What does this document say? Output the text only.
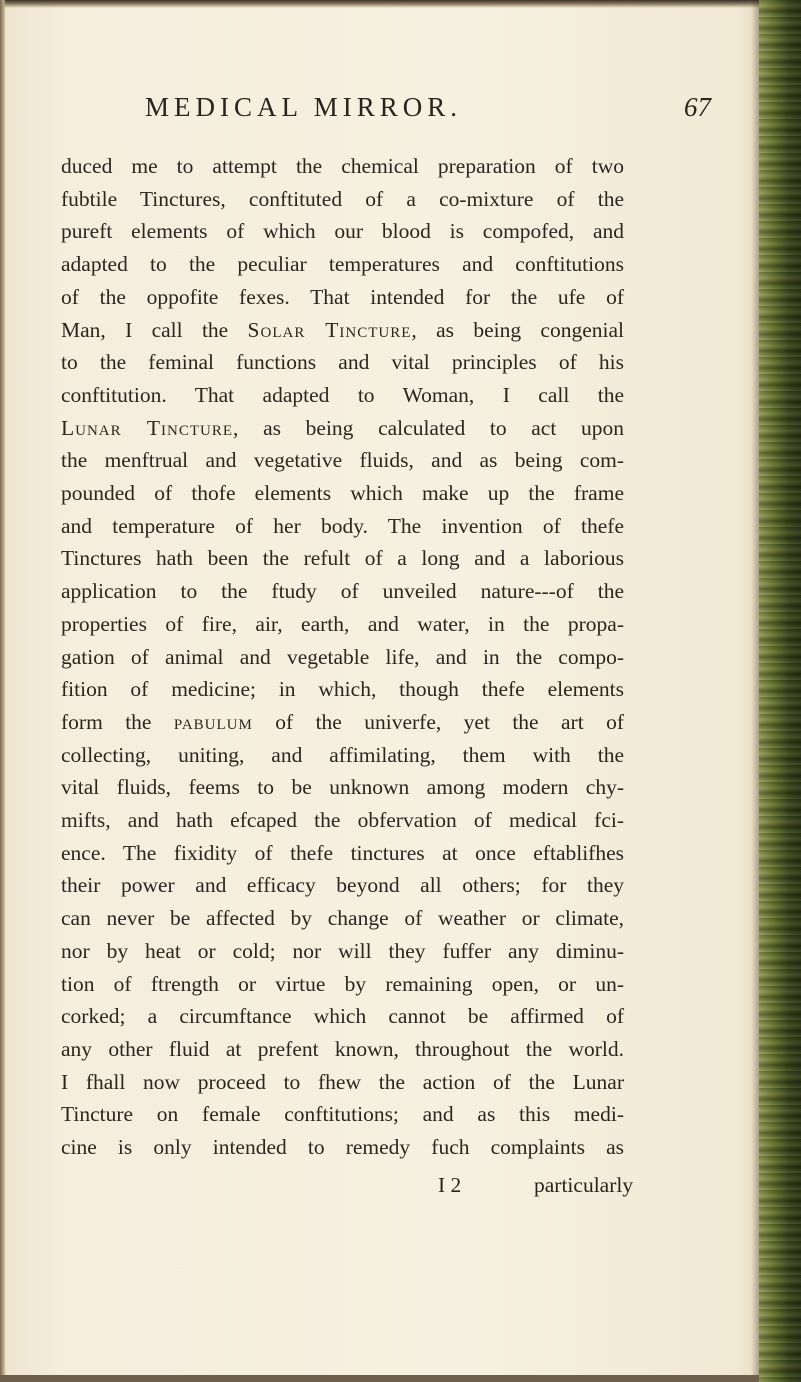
MEDICAL MIRROR.	67
duced me to attempt the chemical preparation of two
fubtile Tinctures, conftituted of a co-mixture of the
pureft elements of which our blood is compofed, and
adapted to the peculiar temperatures and conftitutions
of the oppofite fexes. That intended for the ufe of
Man, I call the Solar Tincture, as being congenial
to the feminal functions and vital principles of his
conftitution. That adapted to Woman, I call the
Lunar Tincture, as being calculated to act upon
the menftrual and vegetative fluids, and as being com-
pounded of thofe elements which make up the frame
and temperature of her body. The invention of thefe
Tinctures hath been the refult of a long and a laborious
application to the ftudy of unveiled nature---of the
properties of fire, air, earth, and water, in the propa-
gation of animal and vegetable life, and in the compo-
fition of medicine; in which, though thefe elements
form the pabulum of the univerfe, yet the art of
collecting, uniting, and affimilating, them with the
vital fluids, feems to be unknown among modern chy-
mifts, and hath efcaped the obfervation of medical fci-
ence. The fixidity of thefe tinctures at once eftablifhes
their power and efficacy beyond all others; for they
can never be affected by change of weather or climate,
nor by heat or cold; nor will they fuffer any diminu-
tion of ftrength or virtue by remaining open, or un-
corked; a circumftance which cannot be affirmed of
any other fluid at prefent known, throughout the world.
I fhall now proceed to fhew the action of the Lunar
Tincture on female conftitutions; and as this medi-
cine is only intended to remedy fuch complaints as
I 2	particularly
